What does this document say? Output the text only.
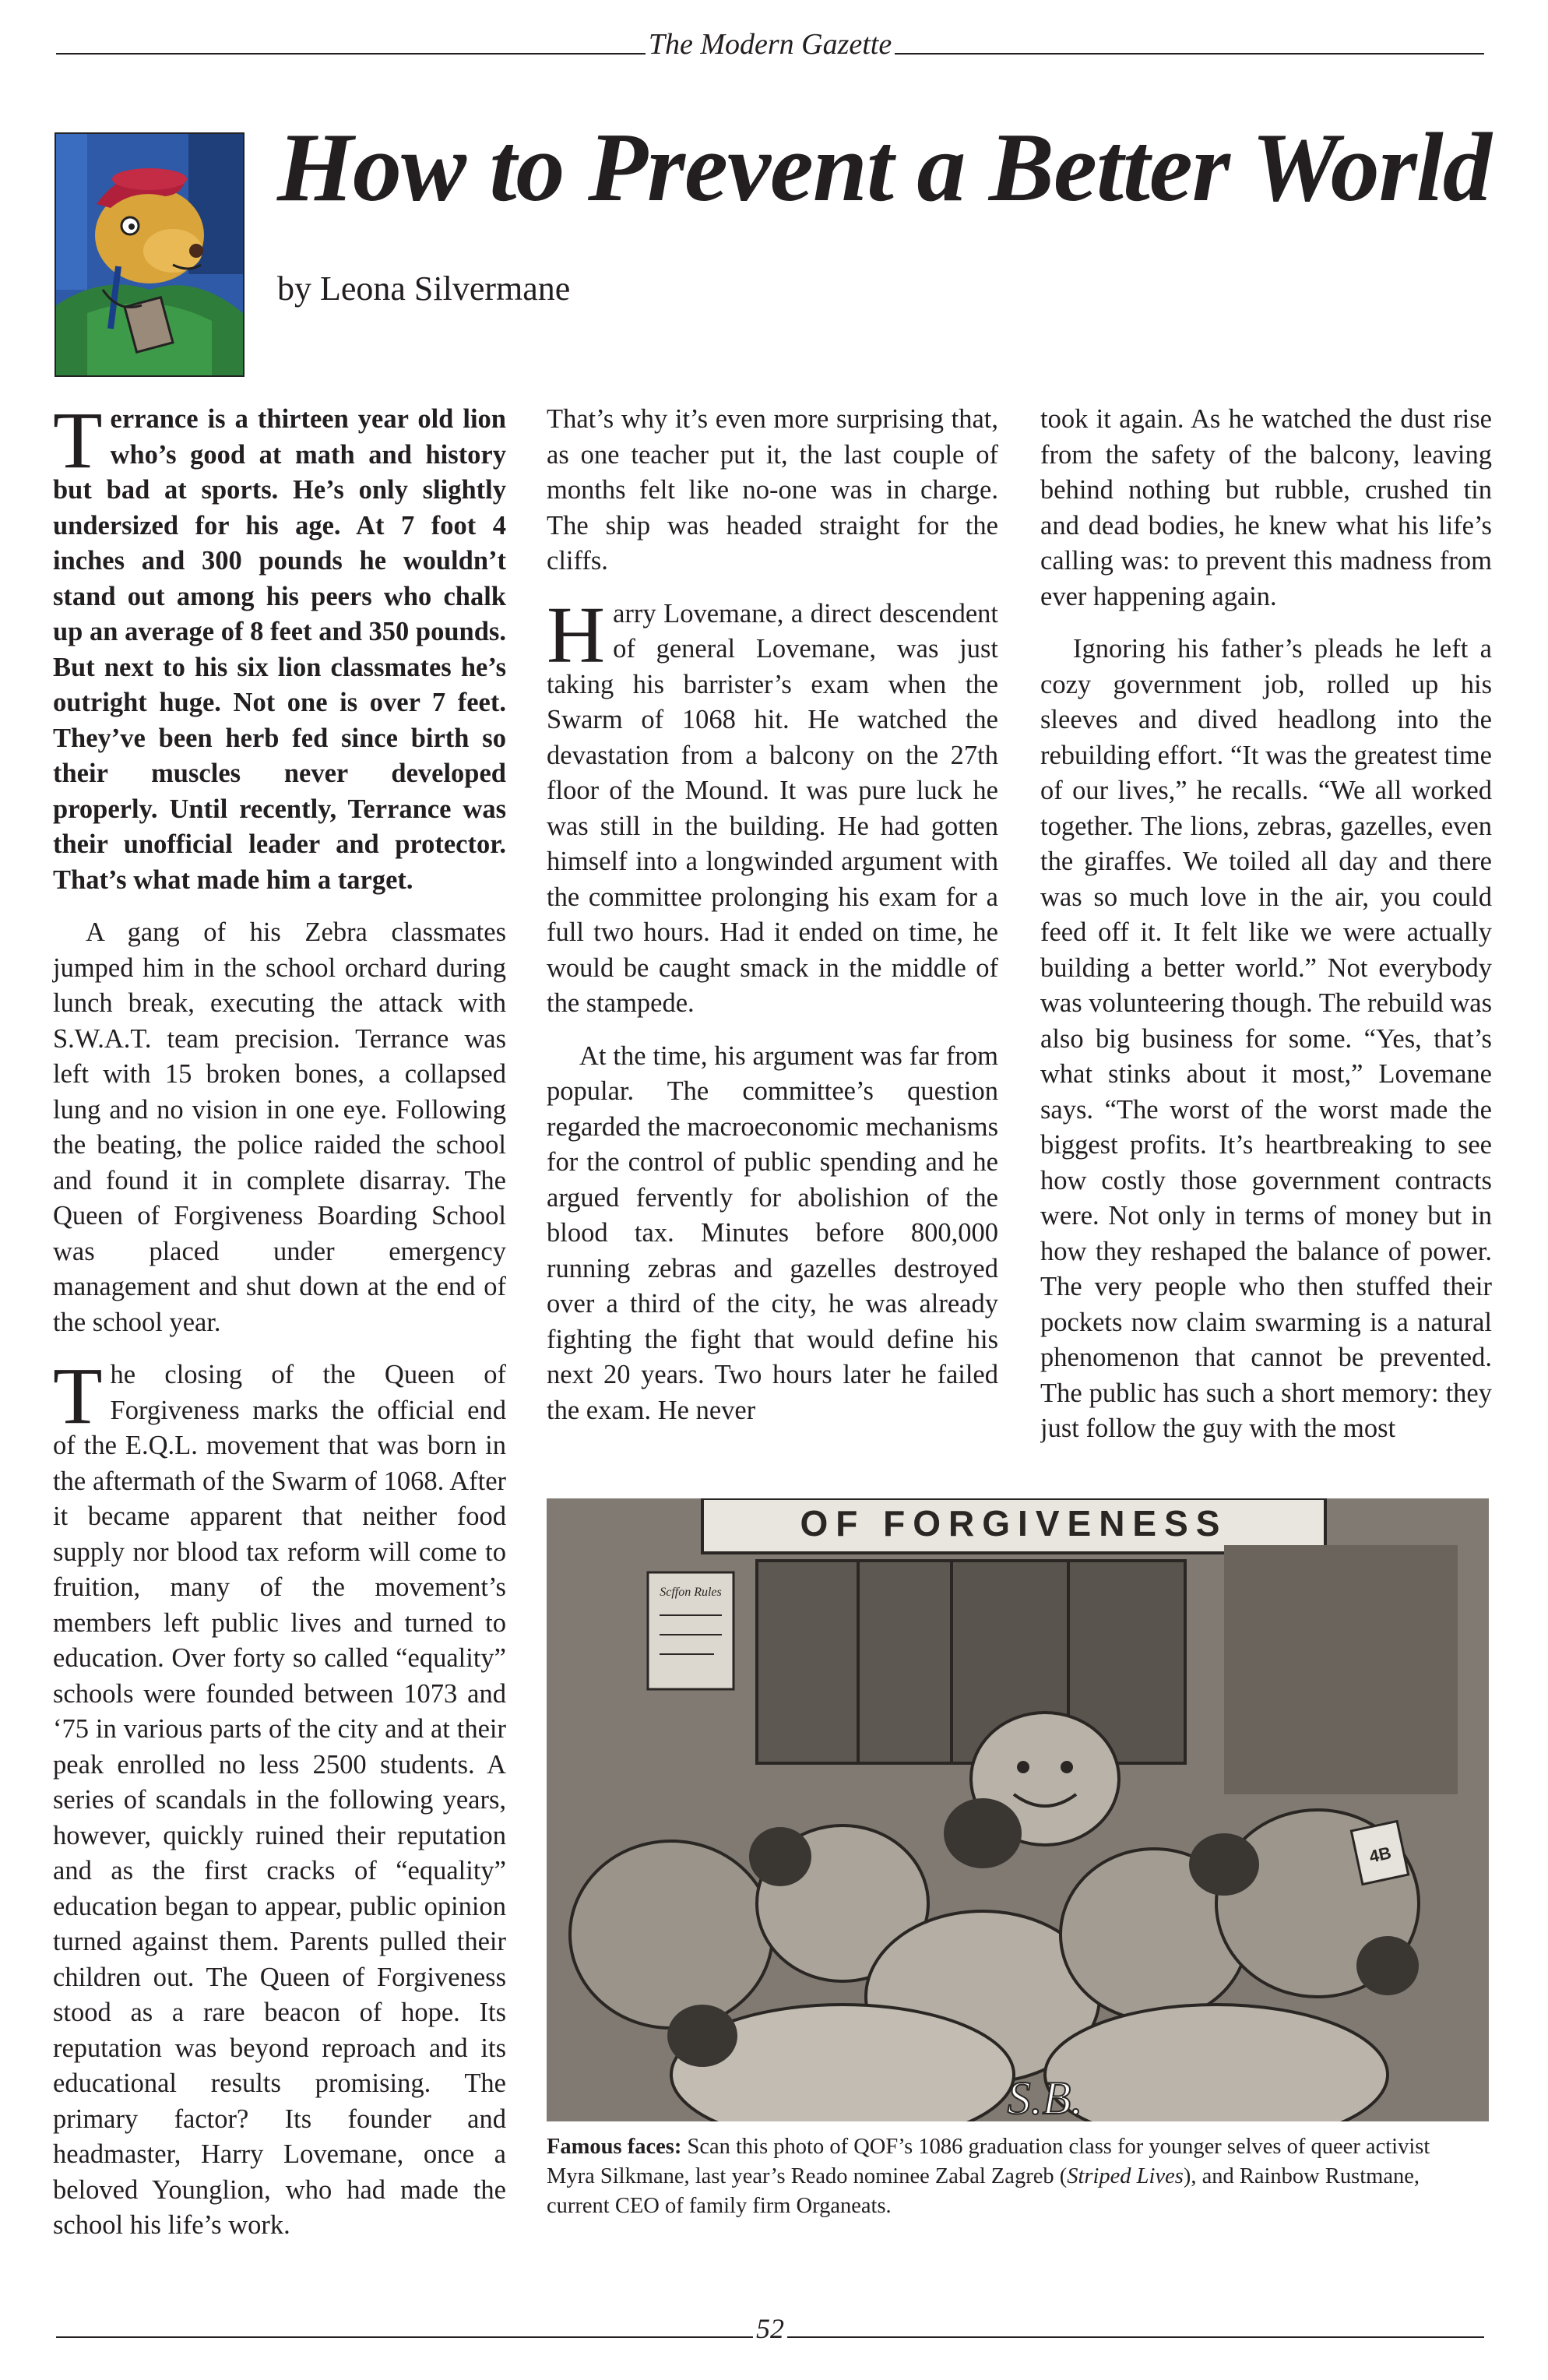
The Modern Gazette
How to Prevent a Better World
by Leona Silvermane

Terrance is a thirteen year old lion who’s good at math and history but bad at sports. He’s only slightly undersized for his age. At 7 foot 4 inches and 300 pounds he wouldn’t stand out among his peers who chalk up an average of 8 feet and 350 pounds. But next to his six lion classmates he’s outright huge. Not one is over 7 feet. They’ve been herb fed since birth so their muscles never developed properly. Until recently, Terrance was their unofficial leader and protector. That’s what made him a target.

A gang of his Zebra classmates jumped him in the school orchard during lunch break, executing the attack with S.W.A.T. team precision. Terrance was left with 15 broken bones, a collapsed lung and no vision in one eye. Following the beating, the police raided the school and found it in complete disarray. The Queen of Forgiveness Boarding School was placed under emergency management and shut down at the end of the school year.

The closing of the Queen of Forgiveness marks the official end of the E.Q.L. movement that was born in the aftermath of the Swarm of 1068. After it became apparent that neither food supply nor blood tax reform will come to fruition, many of the movement’s members left public lives and turned to education. Over forty so called “equality” schools were founded between 1073 and ‘75 in various parts of the city and at their peak enrolled no less 2500 students. A series of scandals in the following years, however, quickly ruined their reputation and as the first cracks of “equality” education began to appear, public opinion turned against them. Parents pulled their children out. The Queen of Forgiveness stood as a rare beacon of hope. Its reputation was beyond reproach and its educational results promising. The primary factor? Its founder and headmaster, Harry Lovemane, once a beloved Younglion, who had made the school his life’s work.

That’s why it’s even more surprising that, as one teacher put it, the last couple of months felt like no-one was in charge. The ship was headed straight for the cliffs.

Harry Lovemane, a direct descendent of general Lovemane, was just taking his barrister’s exam when the Swarm of 1068 hit. He watched the devastation from a balcony on the 27th floor of the Mound. It was pure luck he was still in the building. He had gotten himself into a longwinded argument with the committee prolonging his exam for a full two hours. Had it ended on time, he would be caught smack in the middle of the stampede.

At the time, his argument was far from popular. The committee’s question regarded the macroeconomic mechanisms for the control of public spending and he argued fervently for abolishion of the blood tax. Minutes before 800,000 running zebras and gazelles destroyed over a third of the city, he was already fighting the fight that would define his next 20 years. Two hours later he failed the exam. He never

took it again. As he watched the dust rise from the safety of the balcony, leaving behind nothing but rubble, crushed tin and dead bodies, he knew what his life’s calling was: to prevent this madness from ever happening again.

Ignoring his father’s pleads he left a cozy government job, rolled up his sleeves and dived headlong into the rebuilding effort. “It was the greatest time of our lives,” he recalls. “We all worked together. The lions, zebras, gazelles, even the giraffes. We toiled all day and there was so much love in the air, you could feed off it. It felt like we were actually building a better world.” Not everybody was volunteering though. The rebuild was also big business for some. “Yes, that’s what stinks about it most,” Lovemane says. “The worst of the worst made the biggest profits. It’s heartbreaking to see how costly those government contracts were. Not only in terms of money but in how they reshaped the balance of power. The very people who then stuffed their pockets now claim swarming is a natural phenomenon that cannot be prevented. The public has such a short memory: they just follow the guy with the most

OF FORGIVENESS
Scffon Rules
4B
S.B.
Famous faces: Scan this photo of QOF’s 1086 graduation class for younger selves of queer activist Myra Silkmane, last year’s Reado nominee Zabal Zagreb (Striped Lives), and Rainbow Rustmane, current CEO of family firm Organeats.
52
